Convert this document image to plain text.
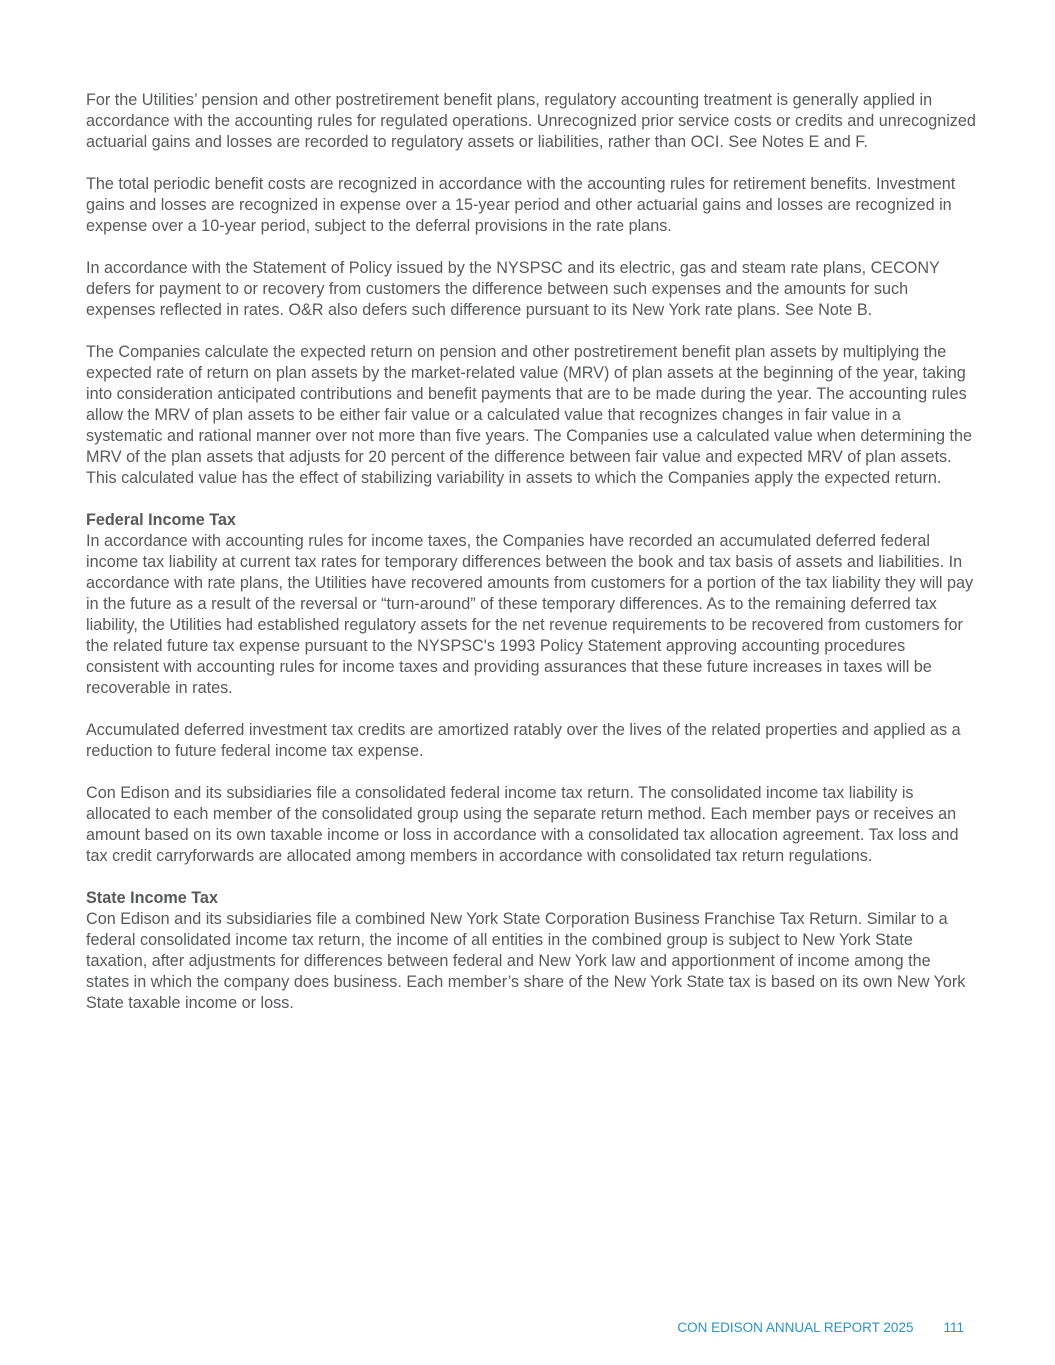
For the Utilities’ pension and other postretirement benefit plans, regulatory accounting treatment is generally applied in accordance with the accounting rules for regulated operations. Unrecognized prior service costs or credits and unrecognized actuarial gains and losses are recorded to regulatory assets or liabilities, rather than OCI. See Notes E and F.

The total periodic benefit costs are recognized in accordance with the accounting rules for retirement benefits. Investment gains and losses are recognized in expense over a 15-year period and other actuarial gains and losses are recognized in expense over a 10-year period, subject to the deferral provisions in the rate plans.

In accordance with the Statement of Policy issued by the NYSPSC and its electric, gas and steam rate plans, CECONY defers for payment to or recovery from customers the difference between such expenses and the amounts for such expenses reflected in rates. O&R also defers such difference pursuant to its New York rate plans. See Note B.

The Companies calculate the expected return on pension and other postretirement benefit plan assets by multiplying the expected rate of return on plan assets by the market-related value (MRV) of plan assets at the beginning of the year, taking into consideration anticipated contributions and benefit payments that are to be made during the year. The accounting rules allow the MRV of plan assets to be either fair value or a calculated value that recognizes changes in fair value in a systematic and rational manner over not more than five years. The Companies use a calculated value when determining the MRV of the plan assets that adjusts for 20 percent of the difference between fair value and expected MRV of plan assets. This calculated value has the effect of stabilizing variability in assets to which the Companies apply the expected return.

Federal Income Tax

In accordance with accounting rules for income taxes, the Companies have recorded an accumulated deferred federal income tax liability at current tax rates for temporary differences between the book and tax basis of assets and liabilities. In accordance with rate plans, the Utilities have recovered amounts from customers for a portion of the tax liability they will pay in the future as a result of the reversal or “turn-around” of these temporary differences. As to the remaining deferred tax liability, the Utilities had established regulatory assets for the net revenue requirements to be recovered from customers for the related future tax expense pursuant to the NYSPSC's 1993 Policy Statement approving accounting procedures consistent with accounting rules for income taxes and providing assurances that these future increases in taxes will be recoverable in rates.

Accumulated deferred investment tax credits are amortized ratably over the lives of the related properties and applied as a reduction to future federal income tax expense.

Con Edison and its subsidiaries file a consolidated federal income tax return. The consolidated income tax liability is allocated to each member of the consolidated group using the separate return method. Each member pays or receives an amount based on its own taxable income or loss in accordance with a consolidated tax allocation agreement. Tax loss and tax credit carryforwards are allocated among members in accordance with consolidated tax return regulations.

State Income Tax

Con Edison and its subsidiaries file a combined New York State Corporation Business Franchise Tax Return. Similar to a federal consolidated income tax return, the income of all entities in the combined group is subject to New York State taxation, after adjustments for differences between federal and New York law and apportionment of income among the states in which the company does business. Each member’s share of the New York State tax is based on its own New York State taxable income or loss.

CON EDISON ANNUAL REPORT 2025 111
